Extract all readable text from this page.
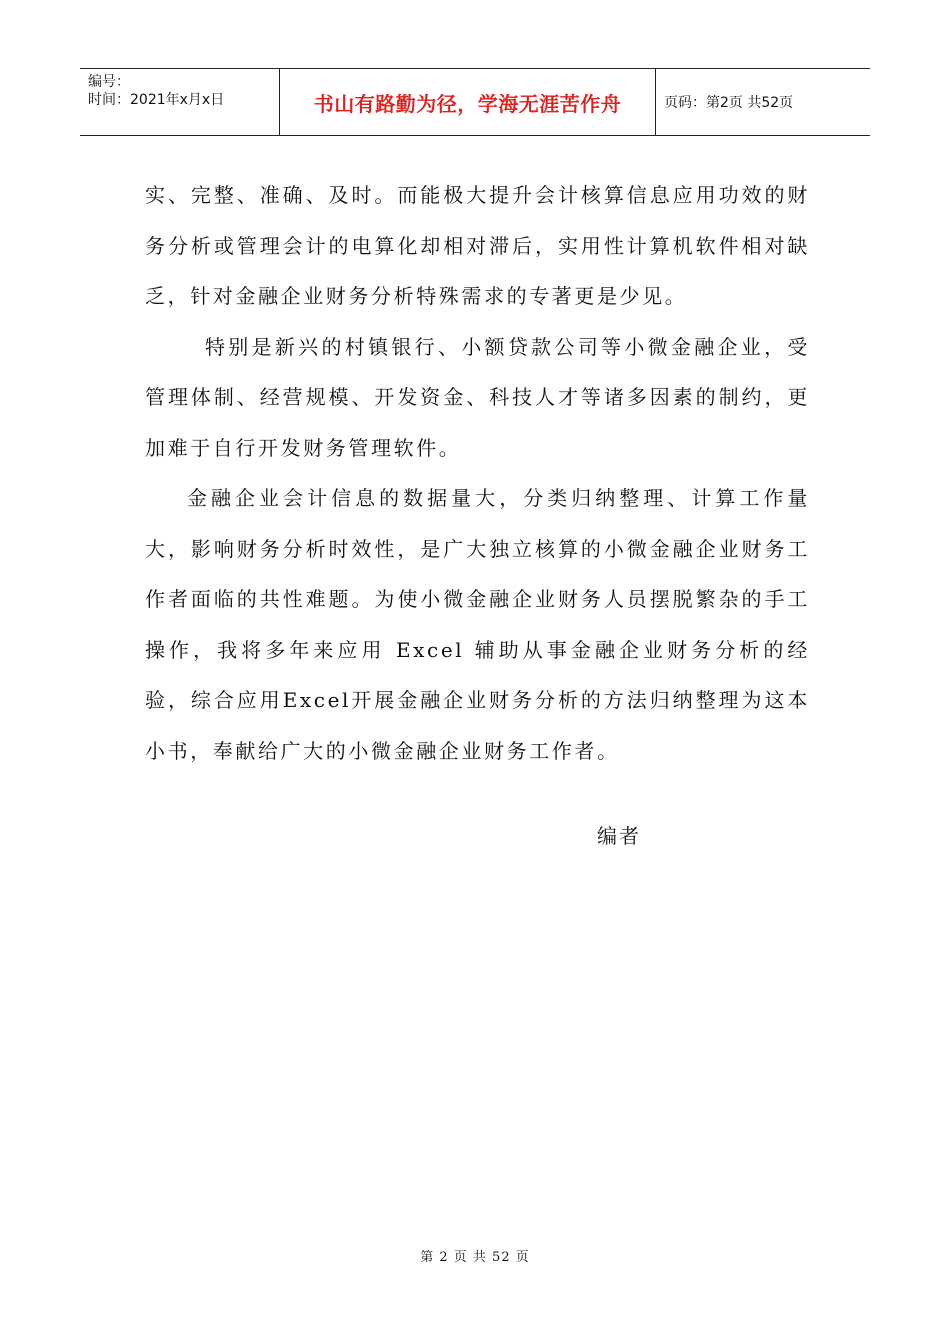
编号：
时间：2021年x月x日	书山有路勤为径，学海无涯苦作舟	页码：第2页 共52页

实、完整、准确、及时。而能极大提升会计核算信息应用功效的财务分析或管理会计的电算化却相对滞后，实用性计算机软件相对缺乏，针对金融企业财务分析特殊需求的专著更是少见。

特别是新兴的村镇银行、小额贷款公司等小微金融企业，受管理体制、经营规模、开发资金、科技人才等诸多因素的制约，更加难于自行开发财务管理软件。

金融企业会计信息的数据量大，分类归纳整理、计算工作量大，影响财务分析时效性，是广大独立核算的小微金融企业财务工作者面临的共性难题。为使小微金融企业财务人员摆脱繁杂的手工操作，我将多年来应用 Excel 辅助从事金融企业财务分析的经验，综合应用Excel开展金融企业财务分析的方法归纳整理为这本小书，奉献给广大的小微金融企业财务工作者。

编者
第 2 页 共 52 页
